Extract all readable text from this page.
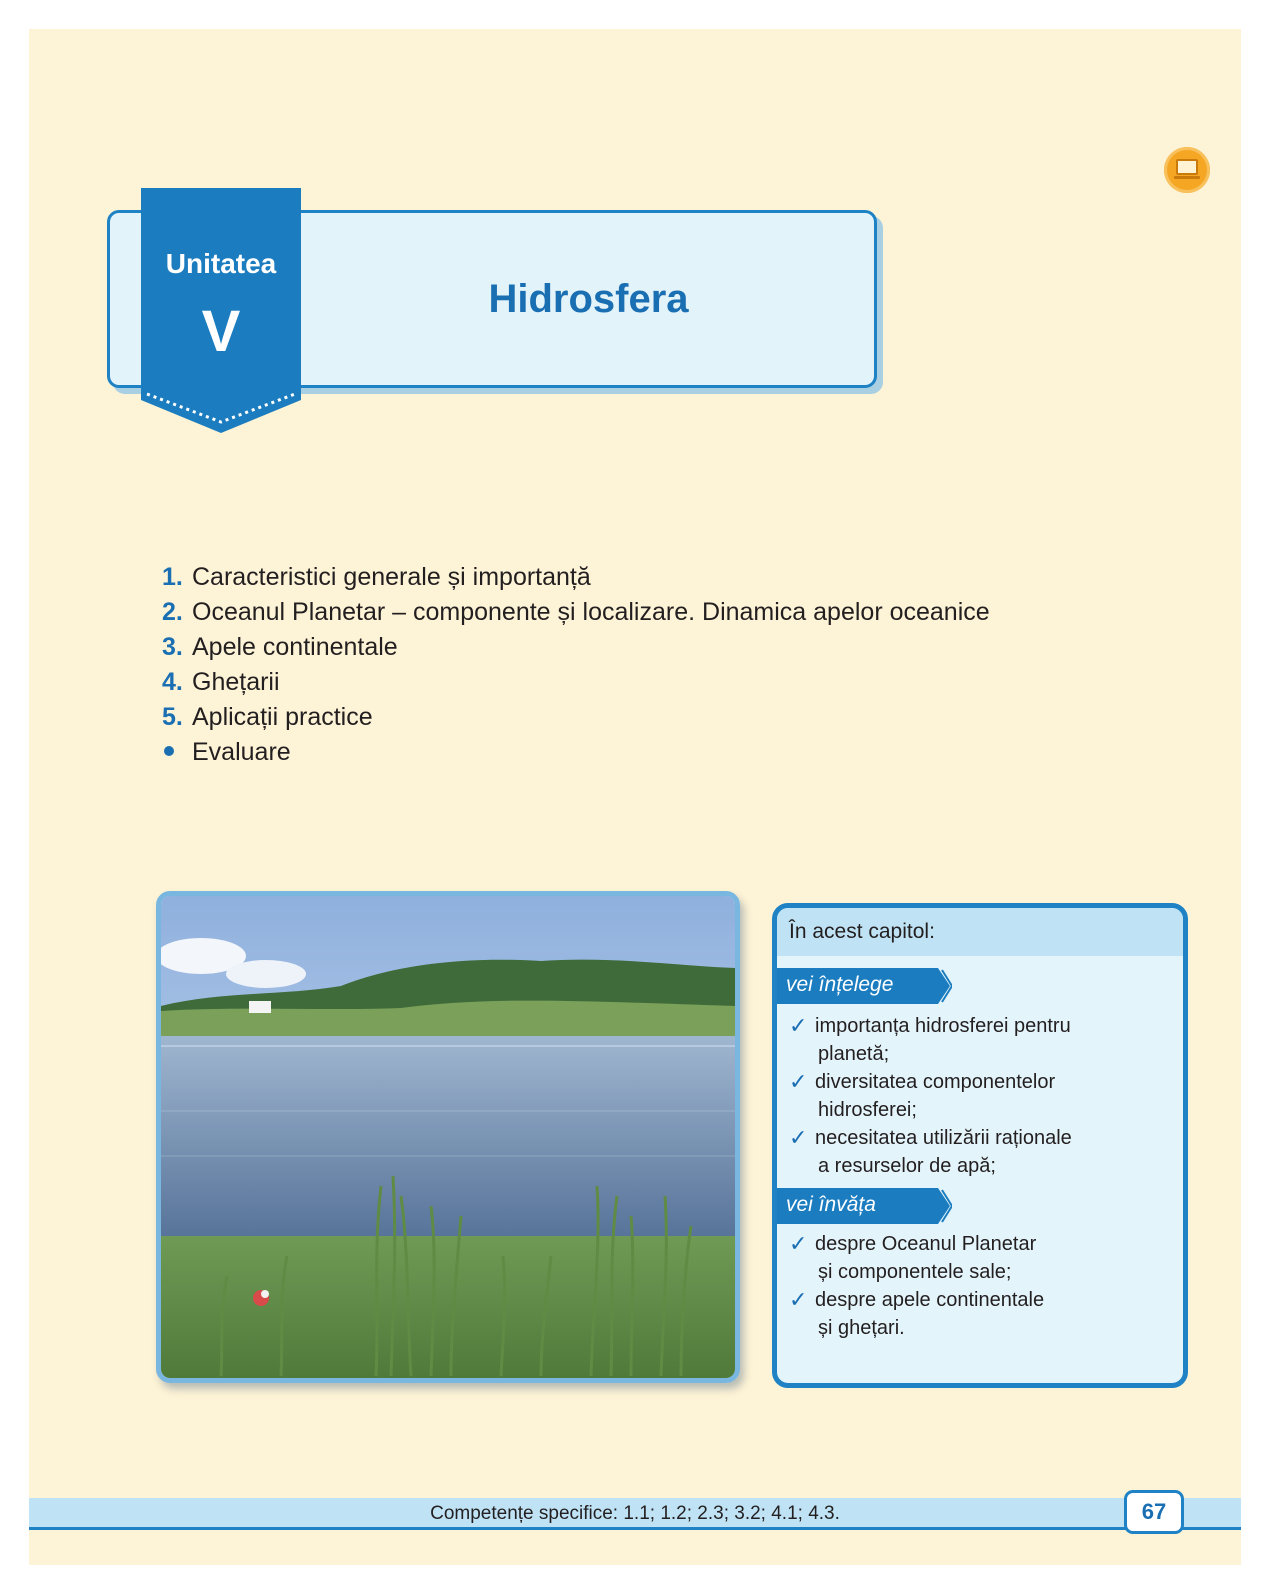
Hidrosfera
Unitatea
V
1. Caracteristici generale și importanță
2. Oceanul Planetar – componente și localizare. Dinamica apelor oceanice
3. Apele continentale
4. Ghețarii
5. Aplicații practice
Evaluare
În acest capitol:
vei înțelege
✓ importanța hidrosferei pentru
planetă;
✓ diversitatea componentelor
hidrosferei;
✓ necesitatea utilizării raționale
a resurselor de apă;
vei învăța
✓ despre Oceanul Planetar
și componentele sale;
✓ despre apele continentale
și ghețari.
Competențe specifice: 1.1; 1.2; 2.3; 3.2; 4.1; 4.3.	67
